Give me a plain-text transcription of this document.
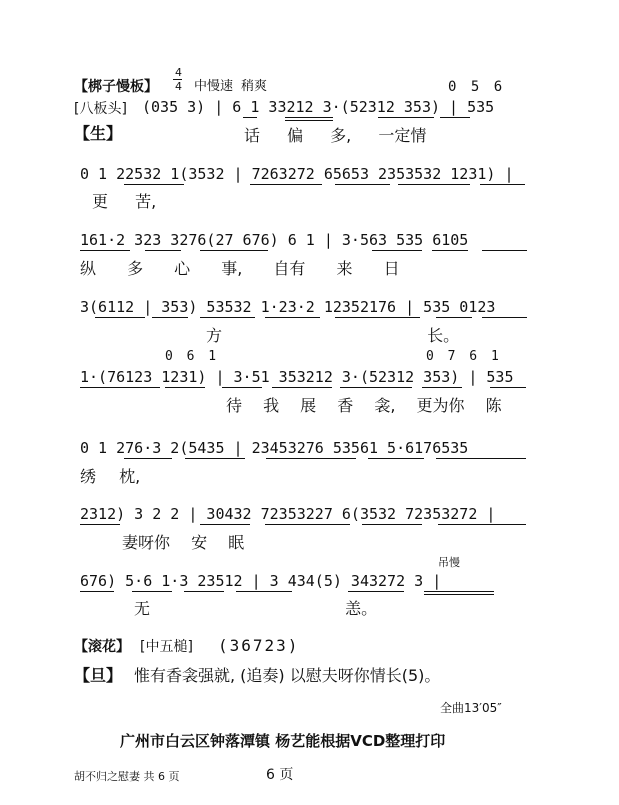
【梆子慢板】
4
4 中慢速 稍爽	0 5 6
[八板头] (035 3) | 6 1 33212 3·(52312 353) | 535
【生】	话 偏 多, 一定情
0 1 22532 1(3532 | 7263272 65653 2353532 1231) |
更 苦,
161·2 323 3276(27 676) 6 1 | 3·563 535 6105
纵 多 心 事, 自有 来 日
3(6112 | 353) 53532 1·23·2 12352176 | 535 0123
方 长。
0 6 1	0 7 6 1
1·(76123 1231) | 3·51 353212 3·(52312 353) | 535
待 我 展 香 衾, 更为你 陈
0 1 276·3 2(5435 | 23453276 53561 5·6176535
绣 枕,
2312) 3 2 2 | 30432 72353227 6(3532 72353272 |
妻呀你 安 眠
吊慢
676) 5·6 1·3 23512 | 3 434(5) 343272 3 |
无 恙。
【滚花】 [中五槌] (36723)
【旦】 惟有香衾强就, (追奏) 以慰夫呀你情长(5)。
全曲13′05″
广州市白云区钟落潭镇 杨艺能根据VCD整理打印
胡不归之慰妻 共 6 页	6 页
